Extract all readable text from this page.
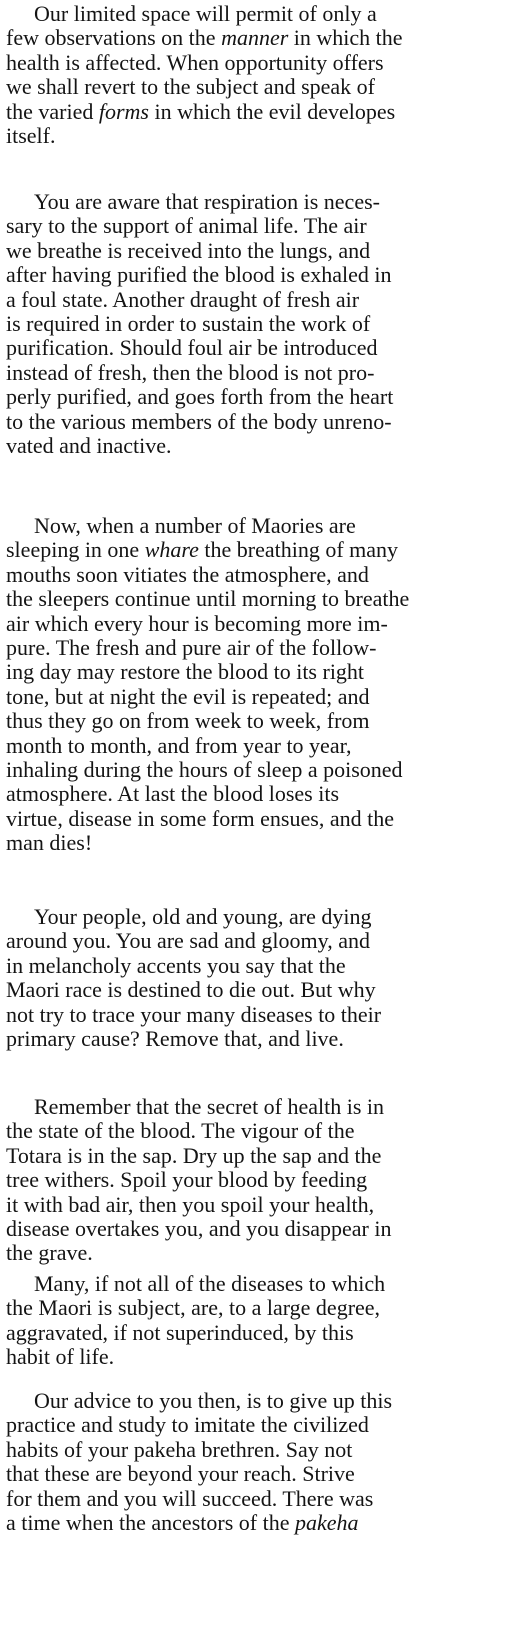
Our limited space will permit of only a
few observations on the manner in which the
health is affected. When opportunity offers
we shall revert to the subject and speak of
the varied forms in which the evil developes
itself.
You are aware that respiration is neces-
sary to the support of animal life. The air
we breathe is received into the lungs, and
after having purified the blood is exhaled in
a foul state. Another draught of fresh air
is required in order to sustain the work of
purification. Should foul air be introduced
instead of fresh, then the blood is not pro-
perly purified, and goes forth from the heart
to the various members of the body unreno-
vated and inactive.
Now, when a number of Maories are
sleeping in one whare the breathing of many
mouths soon vitiates the atmosphere, and
the sleepers continue until morning to breathe
air which every hour is becoming more im-
pure. The fresh and pure air of the follow-
ing day may restore the blood to its right
tone, but at night the evil is repeated; and
thus they go on from week to week, from
month to month, and from year to year,
inhaling during the hours of sleep a poisoned
atmosphere. At last the blood loses its
virtue, disease in some form ensues, and the
man dies!
Your people, old and young, are dying
around you. You are sad and gloomy, and
in melancholy accents you say that the
Maori race is destined to die out. But why
not try to trace your many diseases to their
primary cause? Remove that, and live.
Remember that the secret of health is in
the state of the blood. The vigour of the
Totara is in the sap. Dry up the sap and the
tree withers. Spoil your blood by feeding
it with bad air, then you spoil your health,
disease overtakes you, and you disappear in
the grave.
Many, if not all of the diseases to which
the Maori is subject, are, to a large degree,
aggravated, if not superinduced, by this
habit of life.
Our advice to you then, is to give up this
practice and study to imitate the civilized
habits of your pakeha brethren. Say not
that these are beyond your reach. Strive
for them and you will succeed. There was
a time when the ancestors of the pakeha
